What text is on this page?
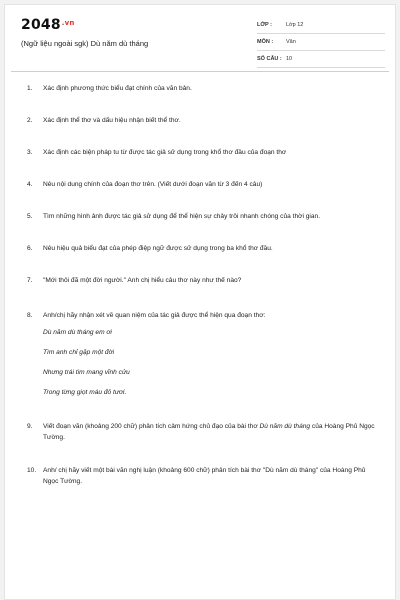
$2048^{.vn}$
(Ngữ liệu ngoài sgk) Dù năm dù tháng
LỚP :	Lớp 12
MÔN :	Văn
SỐ CÂU : 10
1. Xác định phương thức biểu đạt chính của văn bản.
2. Xác định thể thơ và dấu hiệu nhận biết thể thơ.
3. Xác định các biện pháp tu từ được tác giả sử dụng trong khổ thơ đầu của đoạn thơ
4. Nêu nội dung chính của đoạn thơ trên. (Viết dưới đoạn văn từ 3 đến 4 câu)
5. Tìm những hình ảnh được tác giả sử dụng để thể hiện sự chảy trôi nhanh chóng của thời gian.
6. Nêu hiệu quả biểu đạt của phép điệp ngữ được sử dụng trong ba khổ thơ đầu.
7. "Mới thôi đã một đời người." Anh chị hiểu câu thơ này như thế nào?
8. Anh/chị hãy nhận xét về quan niệm của tác giả được thể hiện qua đoạn thơ:
Dù năm dù tháng em ơi
Tìm anh chỉ gặp một đời
Nhưng trái tim mang vĩnh cửu
Trong từng giọt máu đỏ tươi.
9. Viết đoạn văn (khoảng 200 chữ) phân tích cảm hứng chủ đạo của bài thơ Dù năm dù tháng của Hoàng Phủ Ngọc Tường.
10. Anh/ chị hãy viết một bài văn nghị luận (khoảng 600 chữ) phân tích bài thơ "Dù năm dù tháng" của Hoàng Phủ Ngọc Tường.
